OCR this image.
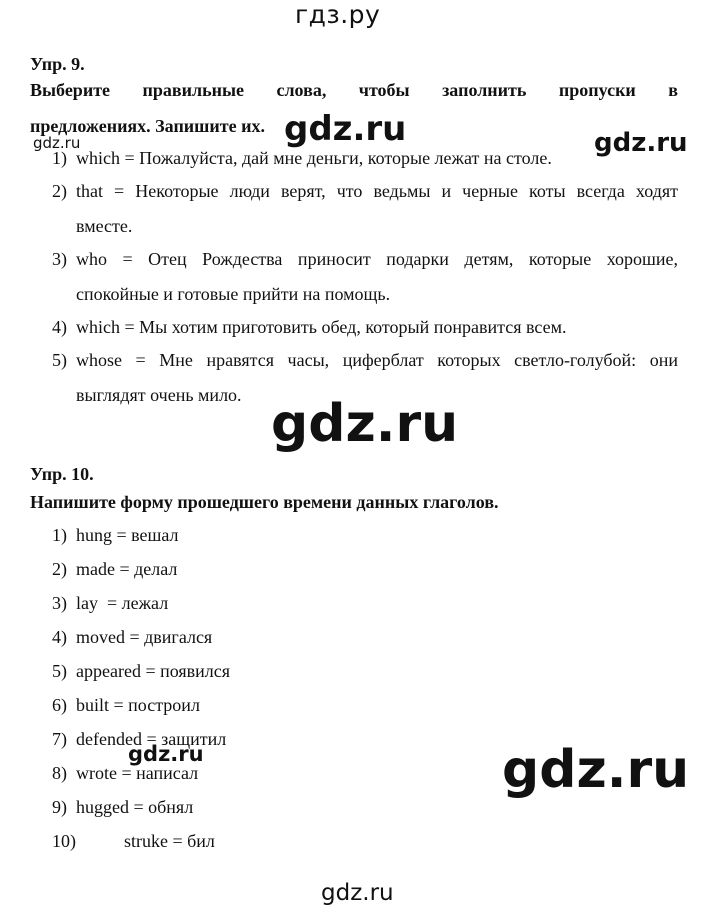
гдз.ру
gdz.ru	gdz.ru	gdz.ru
gdz.ru
gdz.ru	gdz.ru
gdz.ru
Упр. 9.
Выберите правильные слова, чтобы заполнить пропуски в
предложениях. Запишите их.
1) which = Пожалуйста, дай мне деньги, которые лежат на столе.
2) that = Некоторые люди верят, что ведьмы и черные коты всегда ходят
вместе.
3) who = Отец Рождества приносит подарки детям, которые хорошие,
спокойные и готовые прийти на помощь.
4) which = Мы хотим приготовить обед, который понравится всем.
5) whose = Мне нравятся часы, циферблат которых светло-голубой: они
выглядят очень мило.
Упр. 10.
Напишите форму прошедшего времени данных глаголов.
1) hung = вешал
2) made = делал
3) lay  = лежал
4) moved = двигался
5) appeared = появился
6) built = построил
7) defended = защитил
8) wrote = написал
9) hugged = обнял
10)	struke = бил
